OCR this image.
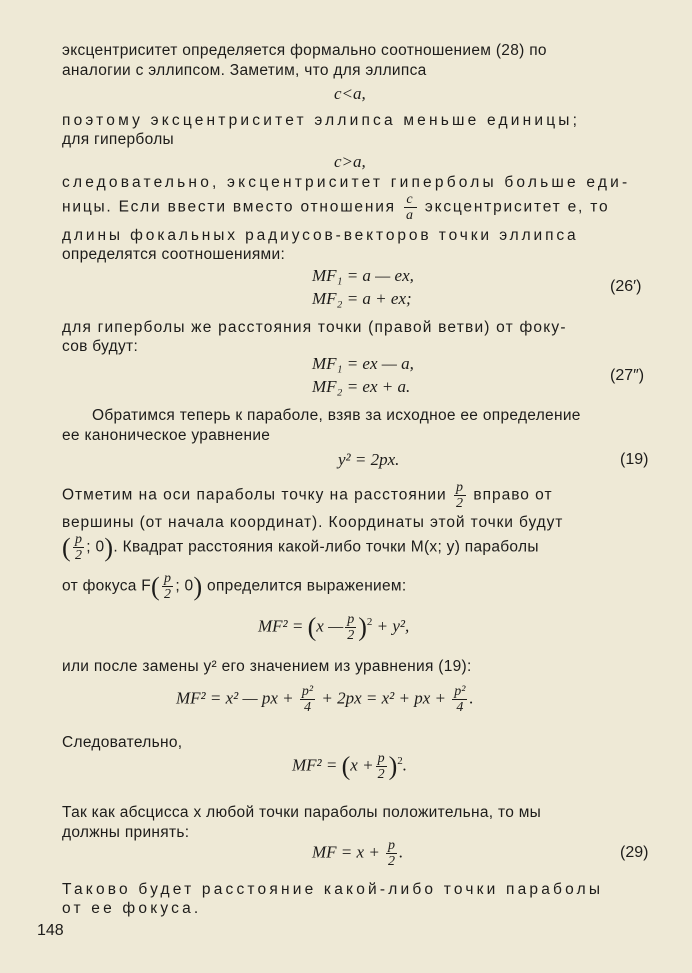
эксцентриситет определяется формально соотношением (28) по
аналогии с эллипсом. Заметим, что для эллипса
c<a,
поэтому эксцентриситет эллипса меньше единицы;
для гиперболы
c>a,
следовательно, эксцентриситет гиперболы больше еди-
ницы. Если ввести вместо отношения $\frac{c}{a}$ эксцентриситет e, то
длины фокальных радиусов-векторов точки эллипса
определятся соотношениями:
MF₁ = a — ex,
MF₂ = a + ex;
(26′)
для гиперболы же расстояния точки (правой ветви) от фоку-
сов будут:
MF₁ = ex — a,
MF₂ = ex + a.
(27″)
Обратимся теперь к параболе, взяв за исходное ее определение
ее каноническое уравнение
y² = 2px.	(19)
Отметим на оси параболы точку на расстоянии $\frac{p}{2}$ вправо от
вершины (от начала координат). Координаты этой точки будут
( $\frac{p}{2}$ ; 0). Квадрат расстояния какой-либо точки M(x; y) параболы
от фокуса $F( \frac{p}{2}$ ; 0) определится выражением:
MF² = (x — $\frac{p}{2} )^2 + y^2$,
или после замены y² его значением из уравнения (19):
MF² = x² — px + $\frac{\text{p²}}{4} + 2px = x^2$ + px + $\frac{\text{p²}}{4}$ .
Следовательно,
$MF^2 = (x + \frac{p}{2} )^2$.
Так как абсцисса x любой точки параболы положительна, то мы
должны принять:
MF = $x + \frac{p}{2}$ .	(29)
Таково будет расстояние какой-либо точки параболы
от ее фокуса.
148
